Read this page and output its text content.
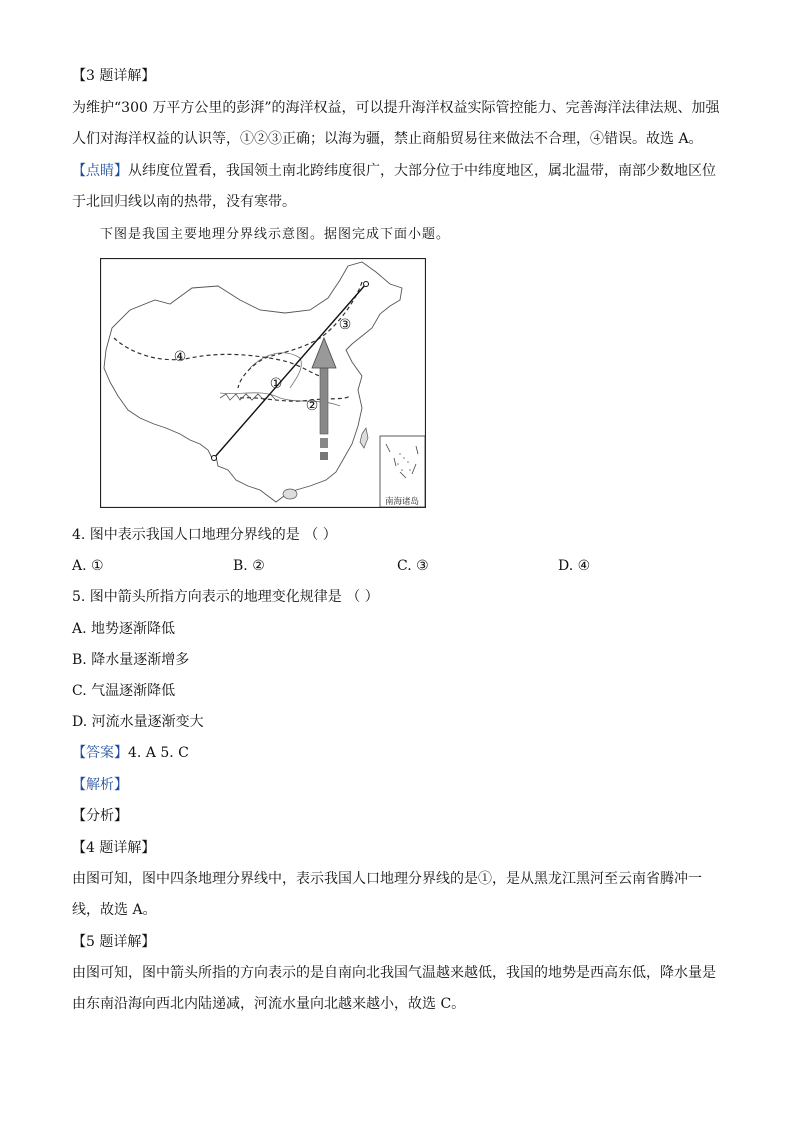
【3 题详解】
为维护“300 万平方公里的彭湃”的海洋权益，可以提升海洋权益实际管控能力、完善海洋法律法规、加强
人们对海洋权益的认识等，①②③正确；以海为疆，禁止商船贸易往来做法不合理，④错误。故选 A。
【点睛】从纬度位置看，我国领土南北跨纬度很广，大部分位于中纬度地区，属北温带，南部少数地区位
于北回归线以南的热带，没有寒带。
下图是我国主要地理分界线示意图。据图完成下面小题。
①
②
③
④
南海诸岛
4. 图中表示我国人口地理分界线的是 （ ）
A. ①	B. ②	C. ③	D. ④
5. 图中箭头所指方向表示的地理变化规律是 （ ）
A. 地势逐渐降低
B. 降水量逐渐增多
C. 气温逐渐降低
D. 河流水量逐渐变大
【答案】4. A 5. C
【解析】
【分析】
【4 题详解】
由图可知，图中四条地理分界线中，表示我国人口地理分界线的是①，是从黑龙江黑河至云南省腾冲一
线，故选 A。
【5 题详解】
由图可知，图中箭头所指的方向表示的是自南向北我国气温越来越低，我国的地势是西高东低，降水量是
由东南沿海向西北内陆递减，河流水量向北越来越小，故选 C。
